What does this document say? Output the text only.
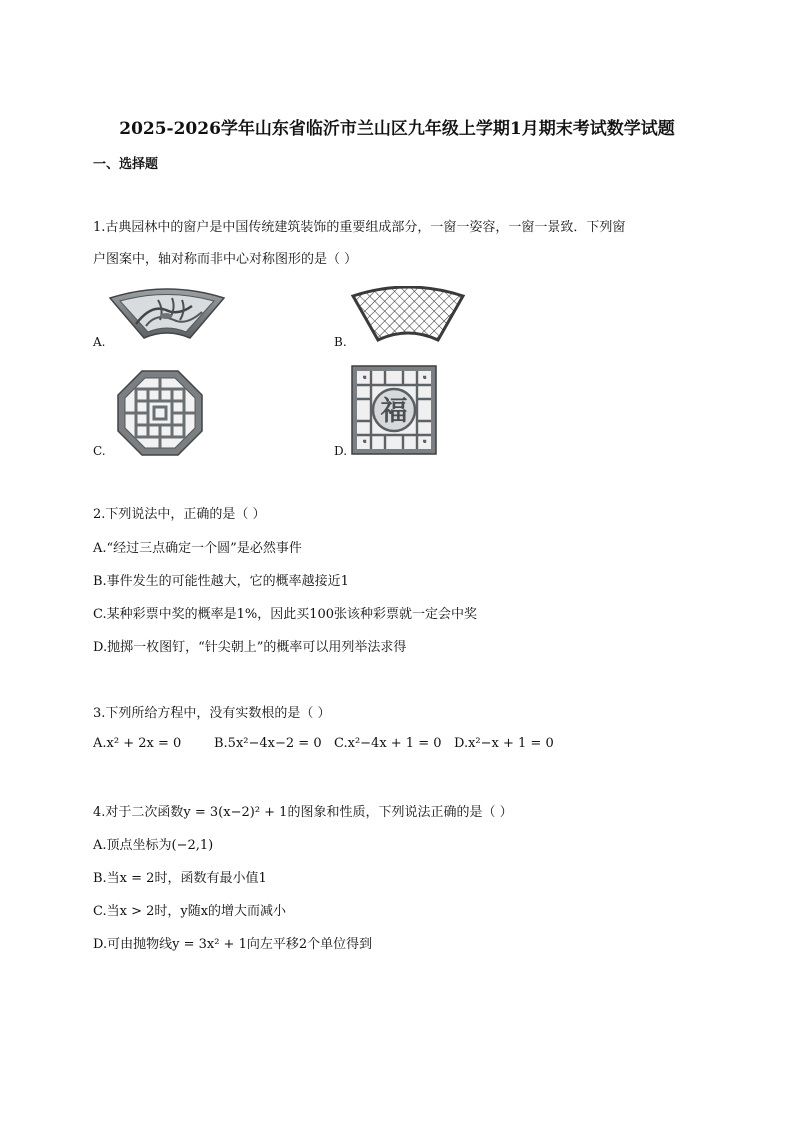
2025-2026学年山东省临沂市兰山区九年级上学期1月期末考试数学试题
一、选择题
1.古典园林中的窗户是中国传统建筑装饰的重要组成部分，一窗一姿容，一窗一景致．下列窗
户图案中，轴对称而非中心对称图形的是（ ）
A.	B.
C.
福
D.
2.下列说法中，正确的是（ ）
A.“经过三点确定一个圆”是必然事件
B.事件发生的可能性越大，它的概率越接近1
C.某种彩票中奖的概率是1%，因此买100张该种彩票就一定会中奖
D.抛掷一枚图钉，“针尖朝上”的概率可以用列举法求得
3.下列所给方程中，没有实数根的是（ ）
A.x² + 2x = 0	B.5x²−4x−2 = 0 C.x²−4x + 1 = 0 D.x²−x + 1 = 0
4.对于二次函数y = 3(x−2)² + 1的图象和性质，下列说法正确的是（ ）
A.顶点坐标为(−2,1)
B.当x = 2时，函数有最小值1
C.当x > 2时，y随x的增大而减小
D.可由抛物线y = 3x² + 1向左平移2个单位得到
